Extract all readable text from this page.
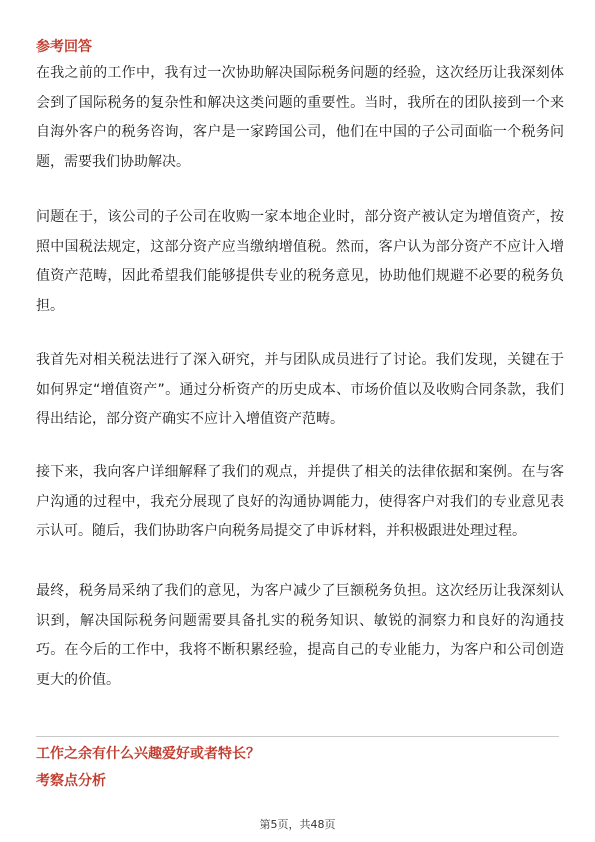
参考回答

在我之前的工作中，我有过一次协助解决国际税务问题的经验，这次经历让我深刻体会到了国际税务的复杂性和解决这类问题的重要性。当时，我所在的团队接到一个来自海外客户的税务咨询，客户是一家跨国公司，他们在中国的子公司面临一个税务问题，需要我们协助解决。

问题在于，该公司的子公司在收购一家本地企业时，部分资产被认定为增值资产，按照中国税法规定，这部分资产应当缴纳增值税。然而，客户认为部分资产不应计入增值资产范畴，因此希望我们能够提供专业的税务意见，协助他们规避不必要的税务负担。

我首先对相关税法进行了深入研究，并与团队成员进行了讨论。我们发现，关键在于如何界定“增值资产”。通过分析资产的历史成本、市场价值以及收购合同条款，我们得出结论，部分资产确实不应计入增值资产范畴。

接下来，我向客户详细解释了我们的观点，并提供了相关的法律依据和案例。在与客户沟通的过程中，我充分展现了良好的沟通协调能力，使得客户对我们的专业意见表示认可。随后，我们协助客户向税务局提交了申诉材料，并积极跟进处理过程。

最终，税务局采纳了我们的意见，为客户减少了巨额税务负担。这次经历让我深刻认识到，解决国际税务问题需要具备扎实的税务知识、敏锐的洞察力和良好的沟通技巧。在今后的工作中，我将不断积累经验，提高自己的专业能力，为客户和公司创造更大的价值。

工作之余有什么兴趣爱好或者特长？
考察点分析
第5页，共48页
